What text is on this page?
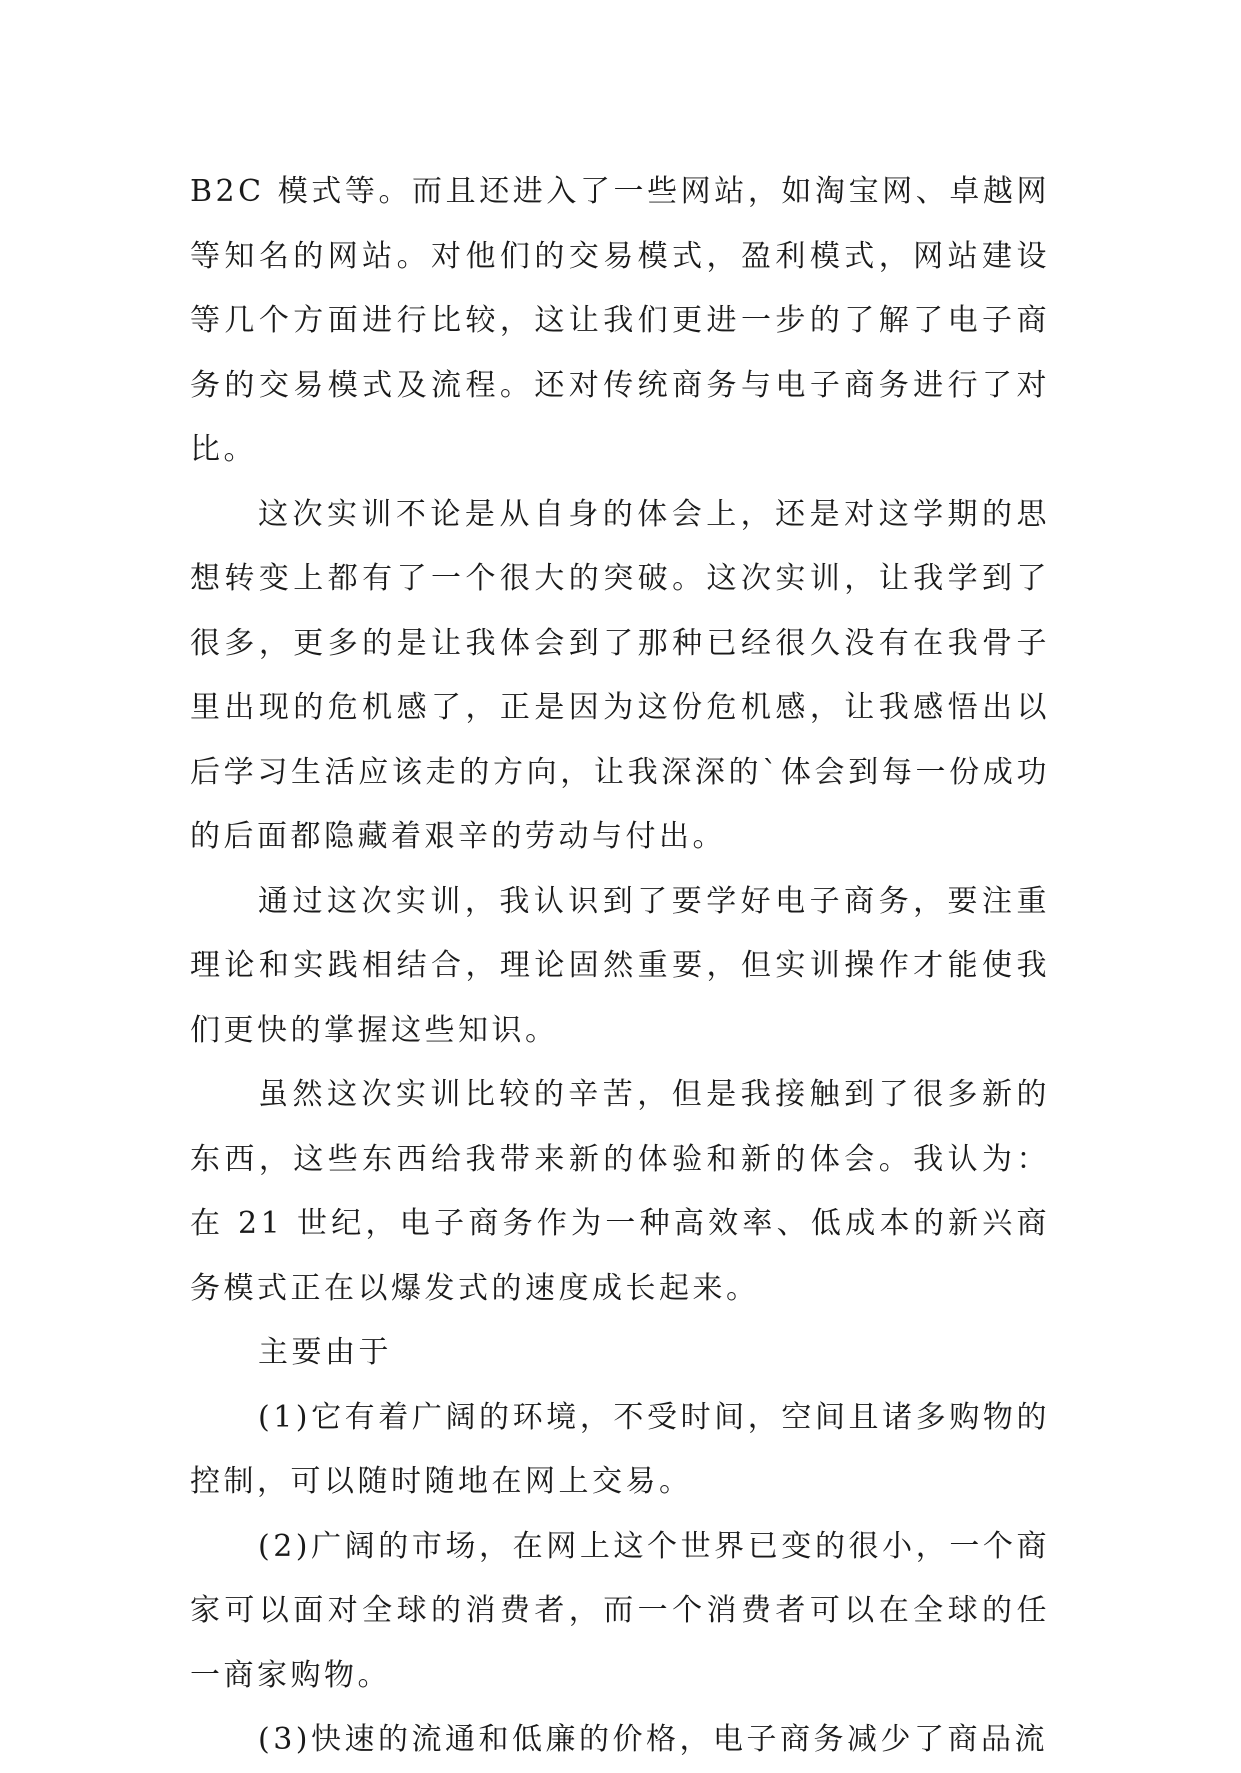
B2C 模式等。而且还进入了一些网站，如淘宝网、卓越网等知名的网站。对他们的交易模式，盈利模式，网站建设等几个方面进行比较，这让我们更进一步的了解了电子商务的交易模式及流程。还对传统商务与电子商务进行了对比。

这次实训不论是从自身的体会上，还是对这学期的思想转变上都有了一个很大的突破。这次实训，让我学到了很多，更多的是让我体会到了那种已经很久没有在我骨子里出现的危机感了，正是因为这份危机感，让我感悟出以后学习生活应该走的方向，让我深深的`体会到每一份成功的后面都隐藏着艰辛的劳动与付出。

通过这次实训，我认识到了要学好电子商务，要注重理论和实践相结合，理论固然重要，但实训操作才能使我们更快的掌握这些知识。

虽然这次实训比较的辛苦，但是我接触到了很多新的东西，这些东西给我带来新的体验和新的体会。我认为：在 21 世纪，电子商务作为一种高效率、低成本的新兴商务模式正在以爆发式的速度成长起来。

主要由于

(1)它有着广阔的环境，不受时间，空间且诸多购物的控制，可以随时随地在网上交易。

(2)广阔的市场，在网上这个世界已变的很小，一个商家可以面对全球的消费者，而一个消费者可以在全球的任一商家购物。

(3)快速的流通和低廉的价格，电子商务减少了商品流
